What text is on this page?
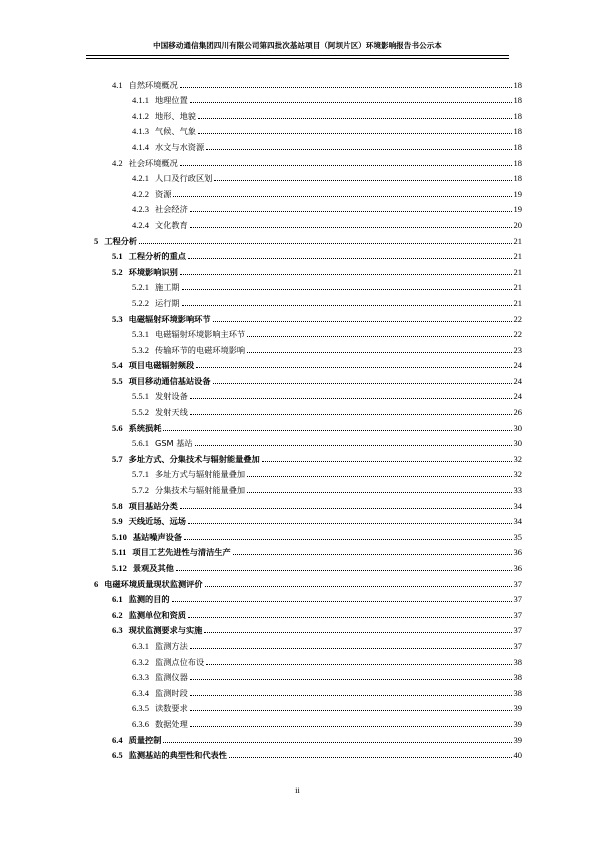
中国移动通信集团四川有限公司第四批次基站项目（阿坝片区）环境影响报告书公示本
4.1 自然环境概况	18
4.1.1 地理位置	18
4.1.2 地形、地貌	18
4.1.3 气候、气象	18
4.1.4 水文与水资源	18
4.2 社会环境概况	18
4.2.1 人口及行政区划	18
4.2.2 资源	19
4.2.3 社会经济	19
4.2.4 文化教育	20
5 工程分析	21
5.1 工程分析的重点	21
5.2 环境影响识别	21
5.2.1 施工期	21
5.2.2 运行期	21
5.3 电磁辐射环境影响环节	22
5.3.1 电磁辐射环境影响主环节	22
5.3.2 传输环节的电磁环境影响	23
5.4 项目电磁辐射频段	24
5.5 项目移动通信基站设备	24
5.5.1 发射设备	24
5.5.2 发射天线	26
5.6 系统损耗	30
5.6.1 GSM 基站	30
5.7 多址方式、分集技术与辐射能量叠加	32
5.7.1 多址方式与辐射能量叠加	32
5.7.2 分集技术与辐射能量叠加	33
5.8 项目基站分类	34
5.9 天线近场、远场	34
5.10 基站噪声设备	35
5.11 项目工艺先进性与清洁生产	36
5.12 景观及其他	36
6 电磁环境质量现状监测评价	37
6.1 监测的目的	37
6.2 监测单位和资质	37
6.3 现状监测要求与实施	37
6.3.1 监测方法	37
6.3.2 监测点位布设	38
6.3.3 监测仪器	38
6.3.4 监测时段	38
6.3.5 读数要求	39
6.3.6 数据处理	39
6.4 质量控制	39
6.5 监测基站的典型性和代表性	40
ii
